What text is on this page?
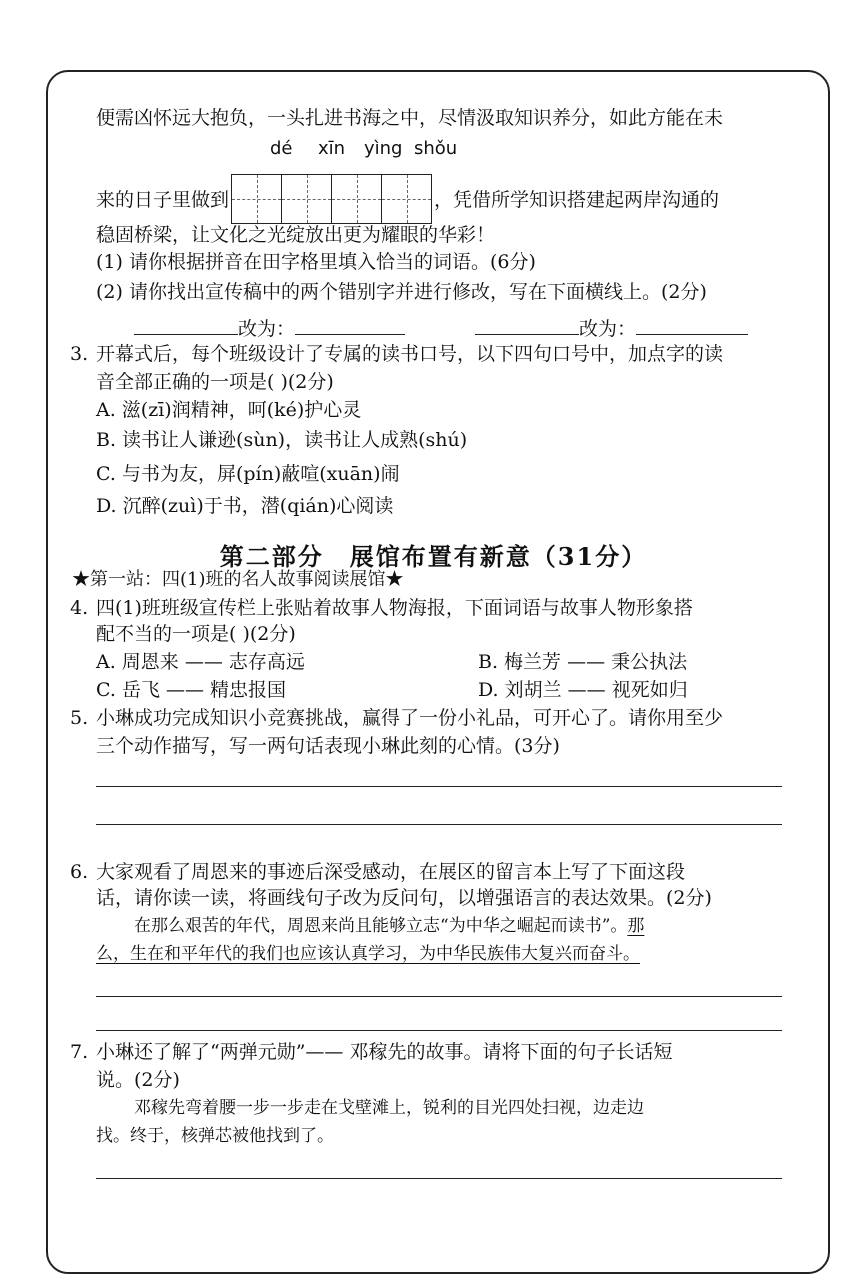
便需凶怀远大抱负，一头扎进书海之中，尽情汲取知识养分，如此方能在未
dé xīn yìng shǒu
来的日子里做到	，凭借所学知识搭建起两岸沟通的
稳固桥梁，让文化之光绽放出更为耀眼的华彩！
(1) 请你根据拼音在田字格里填入恰当的词语。(6分)
(2) 请你找出宣传稿中的两个错别字并进行修改，写在下面横线上。(2分)
改为：	改为：
3. 开幕式后，每个班级设计了专属的读书口号，以下四句口号中，加点字的读
音全部正确的一项是( )(2分)
A. 滋(zī)润精神，呵(ké)护心灵
B. 读书让人谦逊(sùn)，读书让人成熟(shú)
C. 与书为友，屏(pín)蔽喧(xuān)闹
D. 沉醉(zuì)于书，潜(qián)心阅读
第二部分　展馆布置有新意（31分）
★第一站：四(1)班的名人故事阅读展馆★
4. 四(1)班班级宣传栏上张贴着故事人物海报，下面词语与故事人物形象搭
配不当的一项是( )(2分)
A. 周恩来 —— 志存高远	B. 梅兰芳 —— 秉公执法
C. 岳飞 —— 精忠报国	D. 刘胡兰 —— 视死如归
5. 小琳成功完成知识小竞赛挑战，赢得了一份小礼品，可开心了。请你用至少
三个动作描写，写一两句话表现小琳此刻的心情。(3分)
6. 大家观看了周恩来的事迹后深受感动，在展区的留言本上写了下面这段
话，请你读一读，将画线句子改为反问句，以增强语言的表达效果。(2分)
在那么艰苦的年代，周恩来尚且能够立志“为中华之崛起而读书”。那
么，生在和平年代的我们也应该认真学习，为中华民族伟大复兴而奋斗。
7. 小琳还了解了“两弹元勋”—— 邓稼先的故事。请将下面的句子长话短
说。(2分)
邓稼先弯着腰一步一步走在戈壁滩上，锐利的目光四处扫视，边走边
找。终于，核弹芯被他找到了。
